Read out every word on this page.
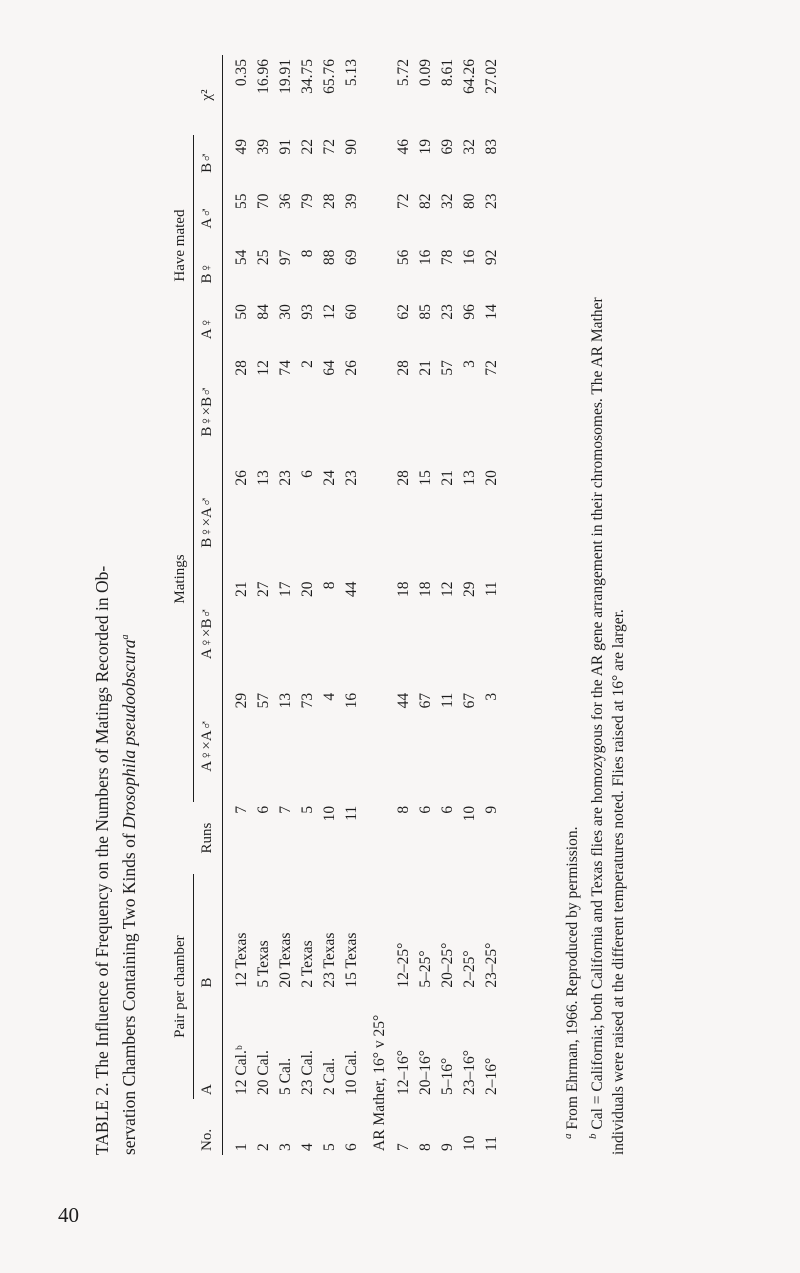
40
TABLE 2. The Influence of Frequency on the Numbers of Matings Recorded in Ob- servation Chambers Containing Two Kinds of Drosophila pseudoobscura$^a$
No.	Pair per chamber		Runs	Matings				Have mated				χ²
	A	B		A♀×A♂	A♀×B♂	B♀×A♂	B♀×B♂	A♀	B♀	A♂	B♂	

1	12 Cal.ᵇ	12 Texas	7	29	21	26	28	50	54	55	49	0.35
2	20 Cal.	5 Texas	6	57	27	13	12	84	25	70	39	16.96
3	5 Cal.	20 Texas	7	13	17	23	74	30	97	36	91	19.91
4	23 Cal.	2 Texas	5	73	20	6	2	93	8	79	22	34.75
5	2 Cal.	23 Texas	10	4	8	24	64	12	88	28	72	65.76
6	10 Cal.	15 Texas	11	16	44	23	26	60	69	39	90	5.13
AR Mather, 16° v 25°												
7	12–16°	12–25°	8	44	18	28	28	62	56	72	46	5.72
8	20–16°	5–25°	6	67	18	15	21	85	16	82	19	0.09
9	5–16°	20–25°	6	11	12	21	57	23	78	32	69	8.61
10	23–16°	2–25°	10	67	29	13	3	96	16	80	32	64.26
11	2–16°	23–25°	9	3	11	20	72	14	92	23	83	27.02

$^a$ From Ehrman, 1966. Reproduced by permission.

$^b$ Cal = California; both California and Texas flies are homozygous for the AR gene arrangement in their chromosomes. The AR Mather individuals were raised at the different temperatures noted. Flies raised at 16° are larger.
